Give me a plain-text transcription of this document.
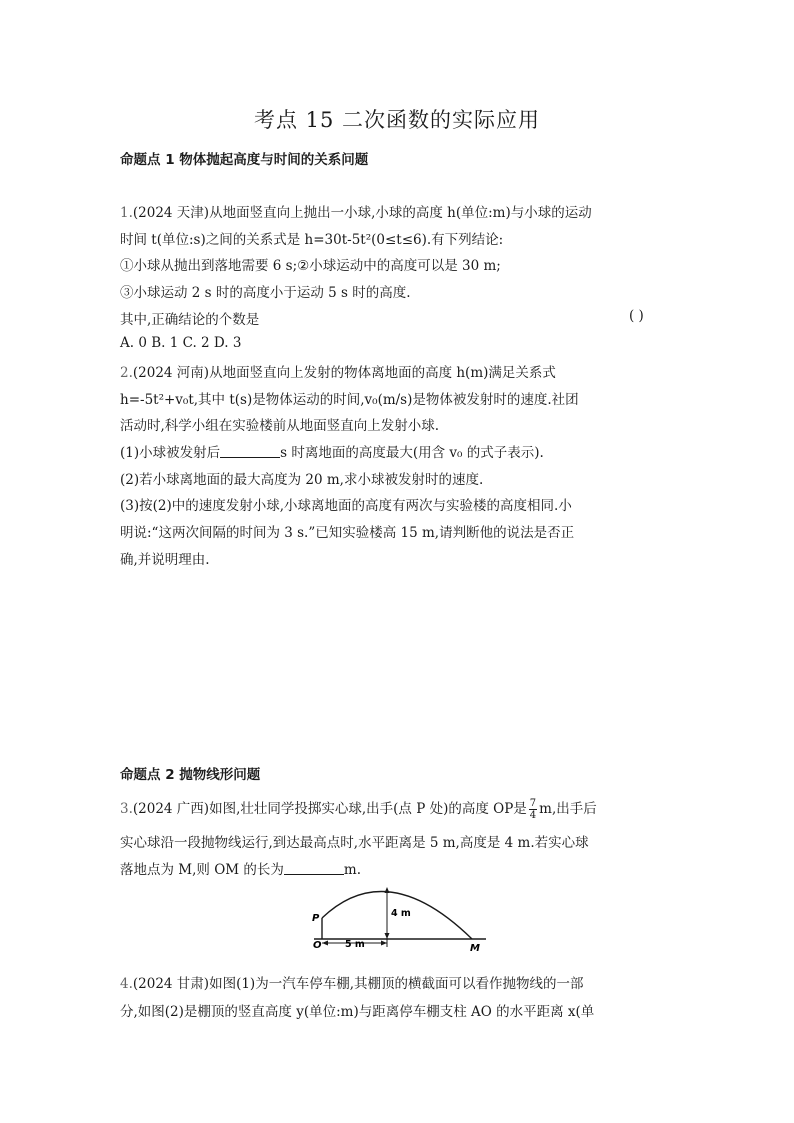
考点 15 二次函数的实际应用
命题点 1 物体抛起高度与时间的关系问题
1.(2024 天津)从地面竖直向上抛出一小球,小球的高度 h(单位:m)与小球的运动
时间 t(单位:s)之间的关系式是 h=30t-5t²(0≤t≤6).有下列结论:
①小球从抛出到落地需要 6 s;②小球运动中的高度可以是 30 m;
③小球运动 2 s 时的高度小于运动 5 s 时的高度.
其中,正确结论的个数是	( )
A. 0 B. 1 C. 2 D. 3
2.(2024 河南)从地面竖直向上发射的物体离地面的高度 h(m)满足关系式
h=-5t²+v₀t,其中 t(s)是物体运动的时间,v₀(m/s)是物体被发射时的速度.社团
活动时,科学小组在实验楼前从地面竖直向上发射小球.
(1)小球被发射后	s 时离地面的高度最大(用含 v₀ 的式子表示).
(2)若小球离地面的最大高度为 20 m,求小球被发射时的速度.
(3)按(2)中的速度发射小球,小球离地面的高度有两次与实验楼的高度相同.小
明说:“这两次间隔的时间为 3 s.”已知实验楼高 15 m,请判断他的说法是否正
确,并说明理由.
命题点 2 抛物线形问题
3.(2024 广西)如图,壮壮同学投掷实心球,出手(点 P 处)的高度 OP是 $\frac{7}{4} m$,出手后
实心球沿一段抛物线运行,到达最高点时,水平距离是 5 m,高度是 4 m.若实心球
落地点为 M,则 OM 的长为	m.
P
O	M
4 m
5 m
4.(2024 甘肃)如图(1)为一汽车停车棚,其棚顶的横截面可以看作抛物线的一部
分,如图(2)是棚顶的竖直高度 y(单位:m)与距离停车棚支柱 AO 的水平距离 x(单
